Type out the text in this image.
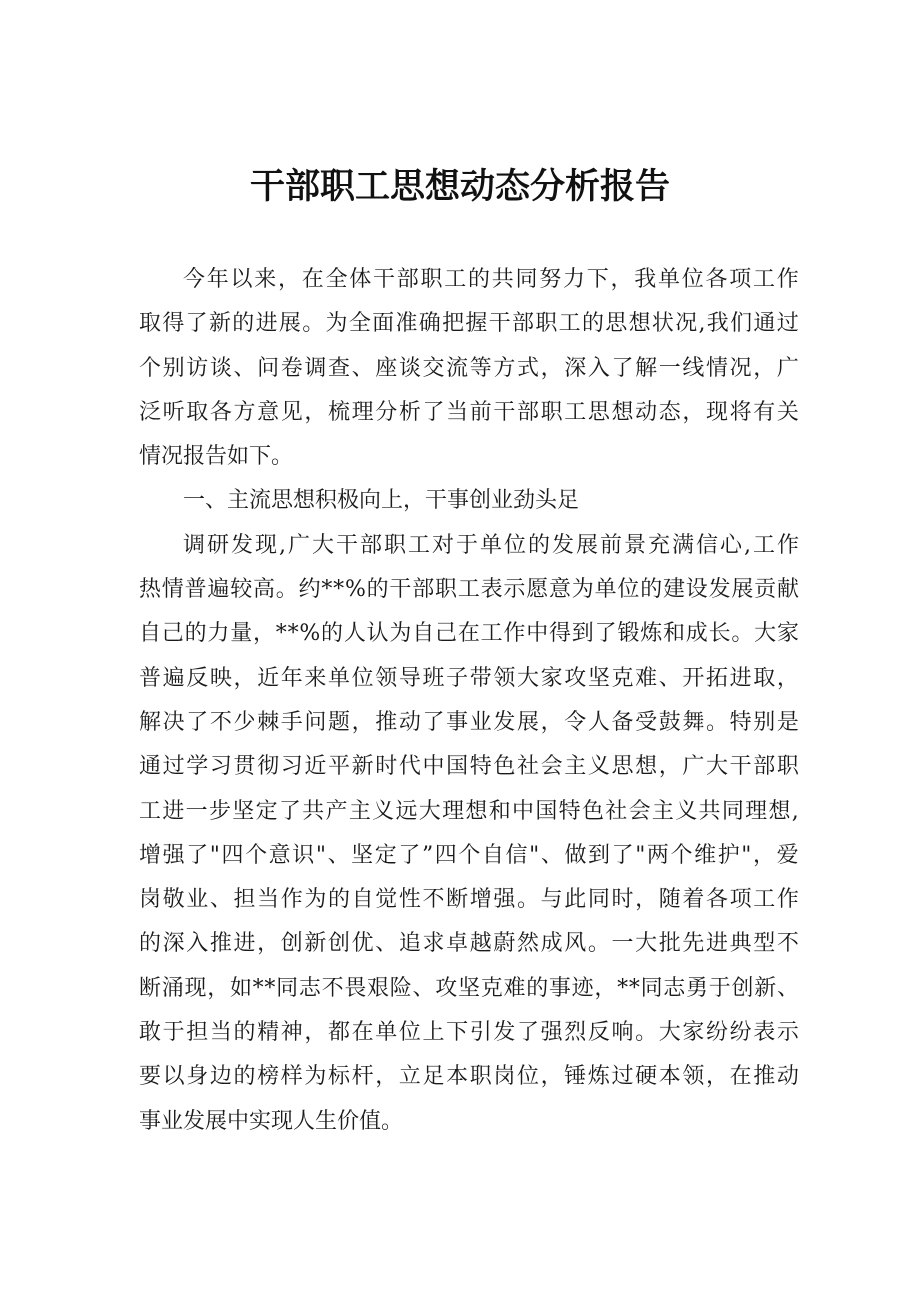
干部职工思想动态分析报告
今 年 以 来 ， 在 全 体 干 部 职 工 的 共 同 努 力 下 ， 我 单 位 各 项 工 作
取 得 了 新 的 进 展 。 为 全 面 准 确 把 握 干 部 职 工 的 思 想 状 况 , 我 们 通 过
个 别 访 谈 、 问 卷 调 查 、 座 谈 交 流 等 方 式 ， 深 入 了 解 一 线 情 况 ， 广
泛 听 取 各 方 意 见 ， 梳 理 分 析 了 当 前 干 部 职 工 思 想 动 态 ， 现 将 有 关
情况报告如下。
一、主流思想积极向上，干事创业劲头足
调 研 发 现 , 广 大 干 部 职 工 对 于 单 位 的 发 展 前 景 充 满 信 心 , 工 作
热 情 普 遍 较 高 。 约 * * % 的 干 部 职 工 表 示 愿 意 为 单 位 的 建 设 发 展 贡 献
自 己 的 力 量 ， * * % 的 人 认 为 自 己 在 工 作 中 得 到 了 锻 炼 和 成 长 。 大 家
普 遍 反 映 ， 近 年 来 单 位 领 导 班 子 带 领 大 家 攻 坚 克 难 、 开 拓 进 取 ，
解 决 了 不 少 棘 手 问 题 ， 推 动 了 事 业 发 展 ， 令 人 备 受 鼓 舞 。 特 别 是
通 过 学 习 贯 彻 习 近 平 新 时 代 中 国 特 色 社 会 主 义 思 想 ， 广 大 干 部 职
工 进 一 步 坚 定 了 共 产 主 义 远 大 理 想 和 中 国 特 色 社 会 主 义 共 同 理 想 ,
增 强 了 " 四 个 意 识 " 、 坚 定 了 ” 四 个 自 信 " 、 做 到 了 " 两 个 维 护 " ， 爱
岗 敬 业 、 担 当 作 为 的 自 觉 性 不 断 增 强 。 与 此 同 时 ， 随 着 各 项 工 作
的 深 入 推 进 ， 创 新 创 优 、 追 求 卓 越 蔚 然 成 风 。 一 大 批 先 进 典 型 不
断 涌 现 ， 如 * * 同 志 不 畏 艰 险 、 攻 坚 克 难 的 事 迹 ， * * 同 志 勇 于 创 新 、
敢 于 担 当 的 精 神 ， 都 在 单 位 上 下 引 发 了 强 烈 反 响 。 大 家 纷 纷 表 示
要 以 身 边 的 榜 样 为 标 杆 ， 立 足 本 职 岗 位 ， 锤 炼 过 硬 本 领 ， 在 推 动
事业发展中实现人生价值。
